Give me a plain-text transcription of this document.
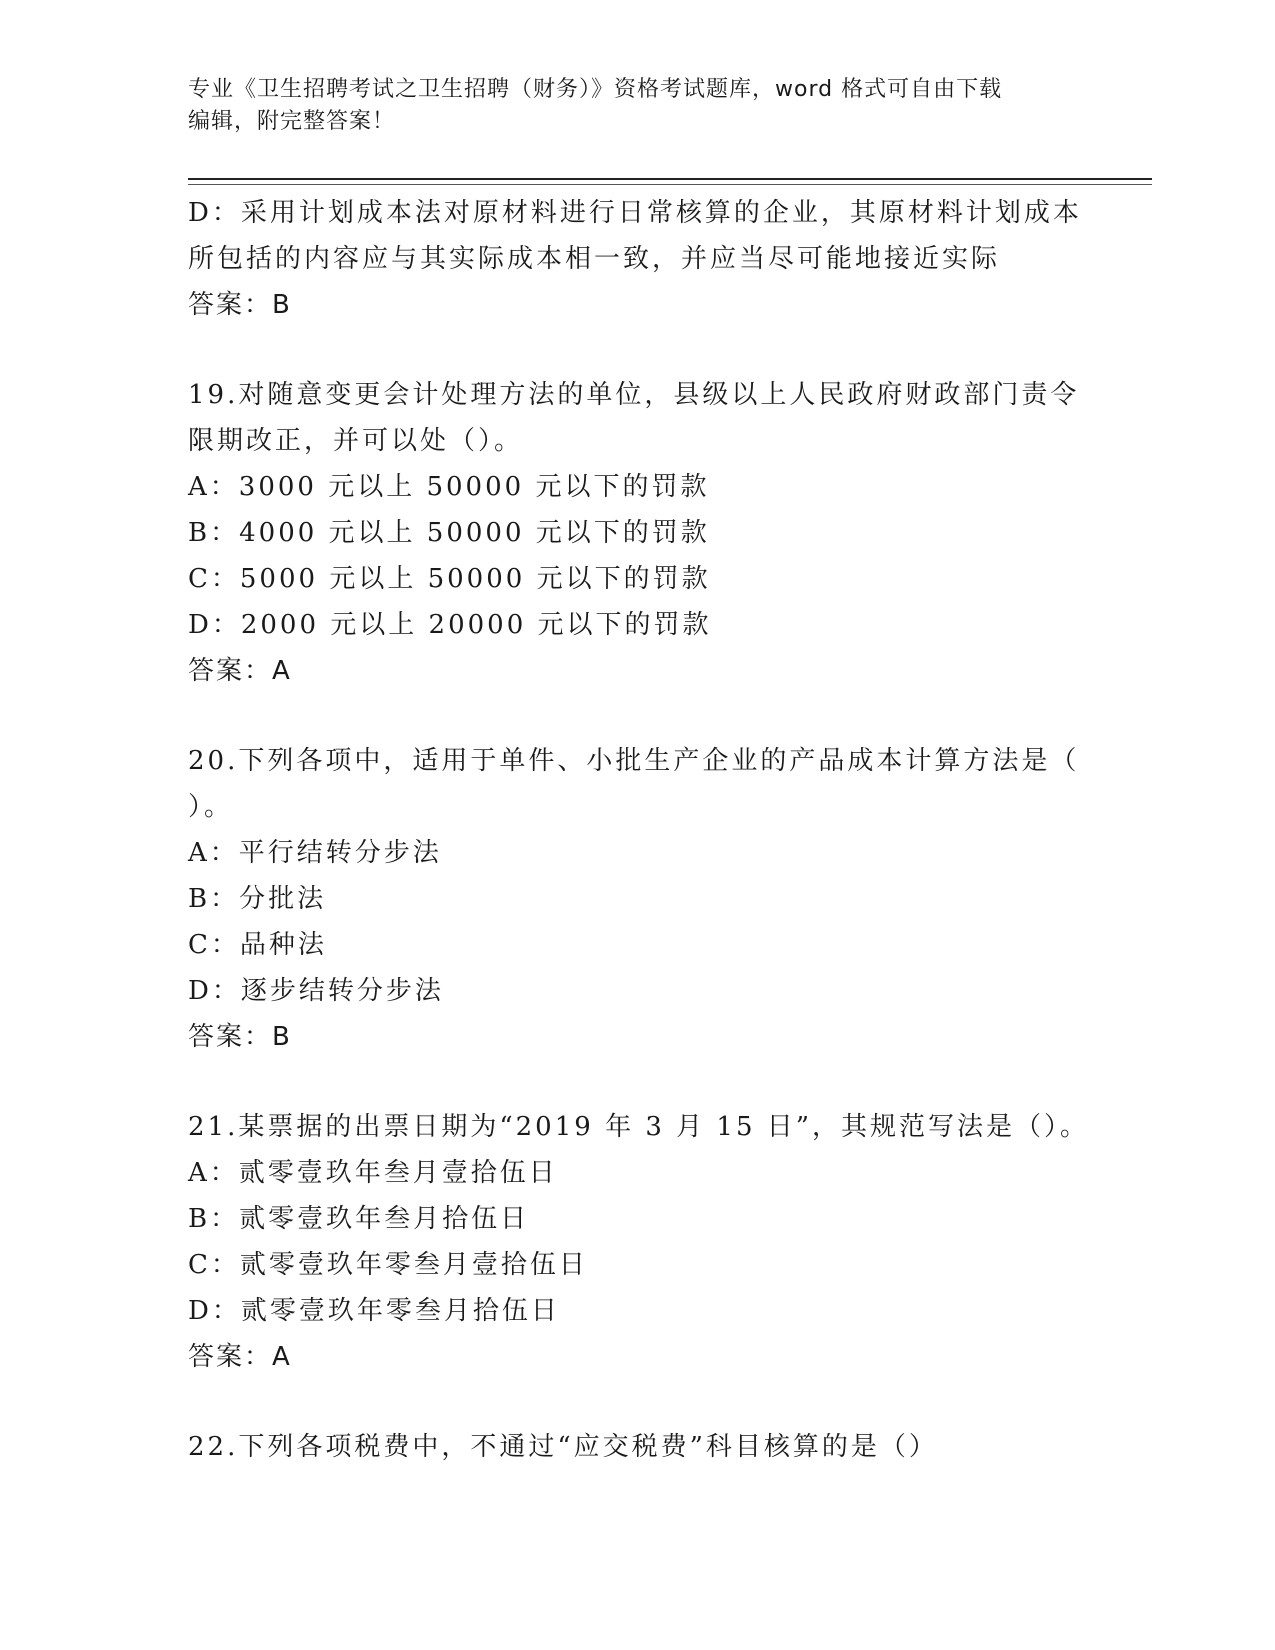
专业《卫生招聘考试之卫生招聘（财务）》资格考试题库，word 格式可自由下载
编辑，附完整答案！
D：采用计划成本法对原材料进行日常核算的企业，其原材料计划成本
所包括的内容应与其实际成本相一致，并应当尽可能地接近实际
答案：B
19.对随意变更会计处理方法的单位，县级以上人民政府财政部门责令
限期改正，并可以处（）。
A：3000 元以上 50000 元以下的罚款
B：4000 元以上 50000 元以下的罚款
C：5000 元以上 50000 元以下的罚款
D：2000 元以上 20000 元以下的罚款
答案：A
20.下列各项中，适用于单件、小批生产企业的产品成本计算方法是（
）。
A：平行结转分步法
B：分批法
C：品种法
D：逐步结转分步法
答案：B
21.某票据的出票日期为“2019 年 3 月 15 日”，其规范写法是（）。
A：贰零壹玖年叁月壹拾伍日
B：贰零壹玖年叁月拾伍日
C：贰零壹玖年零叁月壹拾伍日
D：贰零壹玖年零叁月拾伍日
答案：A
22.下列各项税费中，不通过“应交税费”科目核算的是（）
